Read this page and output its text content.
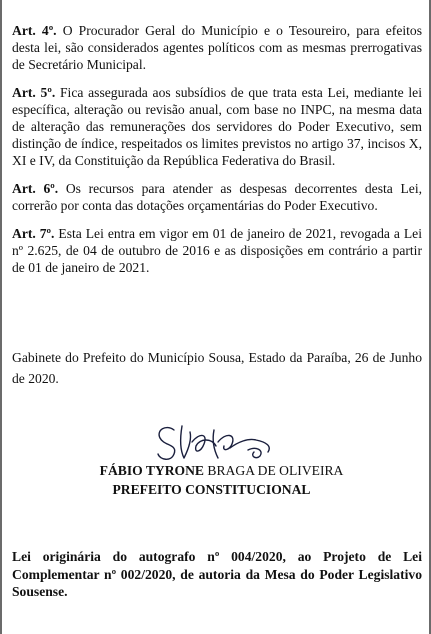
Art. 4º. O Procurador Geral do Município e o Tesoureiro, para efeitos desta lei, são considerados agentes políticos com as mesmas prerrogativas de Secretário Municipal.

Art. 5º. Fica assegurada aos subsídios de que trata esta Lei, mediante lei específica, alteração ou revisão anual, com base no INPC, na mesma data de alteração das remunerações dos servidores do Poder Executivo, sem distinção de índice, respeitados os limites previstos no artigo 37, incisos X, XI e IV, da Constituição da República Federativa do Brasil.

Art. 6º. Os recursos para atender as despesas decorrentes desta Lei, correrão por conta das dotações orçamentárias do Poder Executivo.

Art. 7º. Esta Lei entra em vigor em 01 de janeiro de 2021, revogada a Lei nº 2.625, de 04 de outubro de 2016 e as disposições em contrário a partir de 01 de janeiro de 2021.

Gabinete do Prefeito do Município Sousa, Estado da Paraíba, 26 de Junho de 2020.

FÁBIO TYRONE BRAGA DE OLIVEIRA
PREFEITO CONSTITUCIONAL

Lei originária do autografo nº 004/2020, ao Projeto de Lei Complementar nº 002/2020, de autoria da Mesa do Poder Legislativo Sousense.
